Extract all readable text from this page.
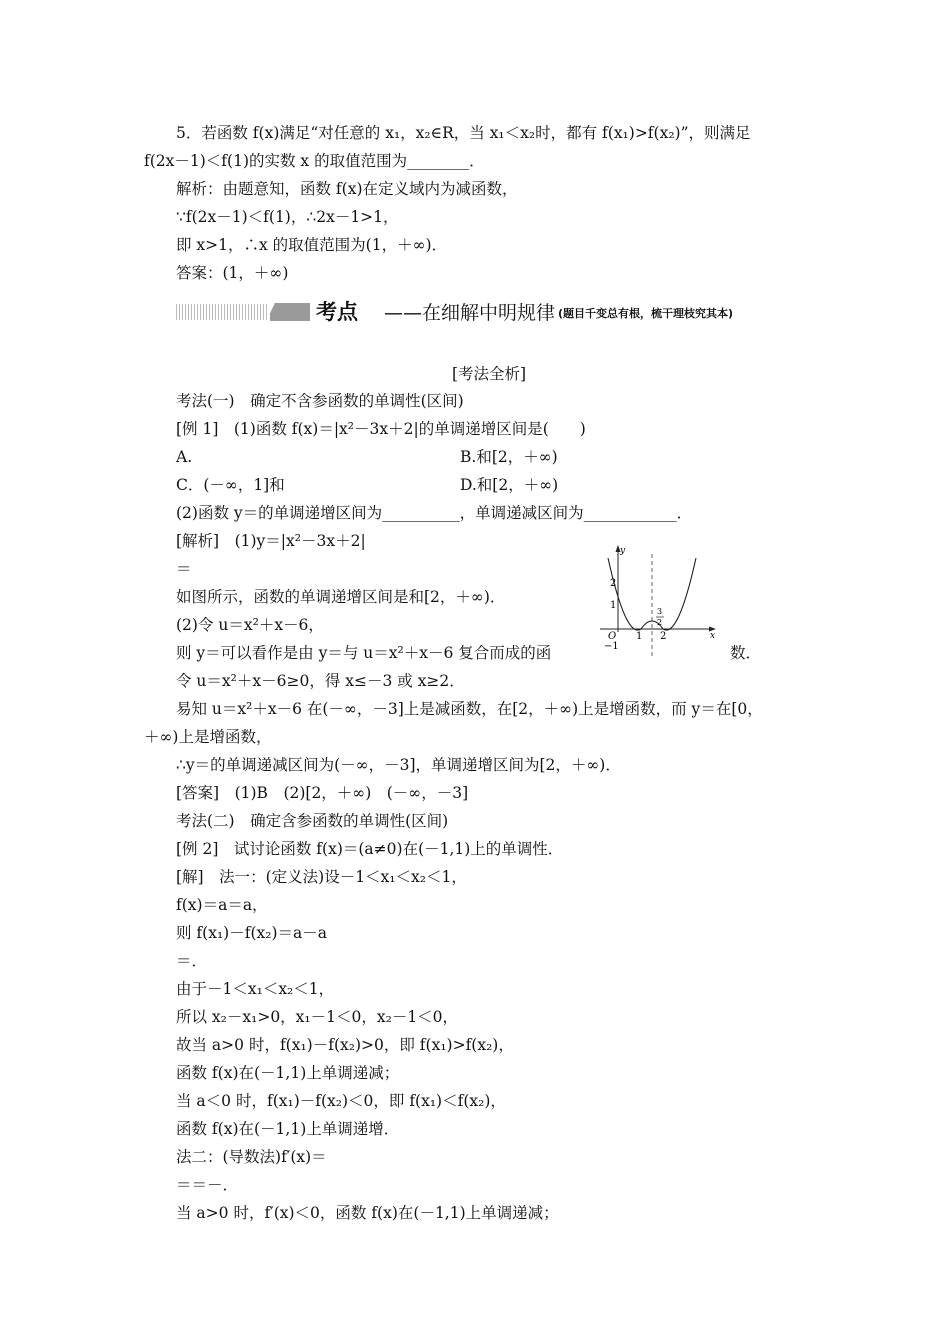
5．若函数 f(x)满足“对任意的 x₁，x₂∈R，当 x₁＜x₂时，都有 f(x₁)>f(x₂)”，则满足
f(2x－1)＜f(1)的实数 x 的取值范围为________．
解析：由题意知，函数 f(x)在定义域内为减函数，
∵f(2x－1)＜f(1)，∴2x－1>1，
即 x>1，∴x 的取值范围为(1，＋∞)．
答案：(1，＋∞)
考点 ——在细解中明规律 (题目千变总有根，梳干理枝究其本)
[考法全析]
考法(一)　确定不含参函数的单调性(区间)
[例 1]　(1)函数 f(x)＝|x²－3x＋2|的单调递增区间是(　　)
A.	B.和[2，＋∞)
C．(－∞，1]和	D.和[2，＋∞)
(2)函数 y＝的单调递增区间为__________，单调递减区间为____________．
[解析]　(1)y＝|x²－3x＋2|
＝
如图所示，函数的单调递增区间是和[2，＋∞)．
(2)令 u＝x²＋x－6，
则 y＝可以看作是由 y＝与 u＝x²＋x－6 复合而成的函	数．
令 u＝x²＋x－6≥0，得 x≤－3 或 x≥2．
易知 u＝x²＋x－6 在(－∞，－3]上是减函数，在[2，＋∞)上是增函数，而 y＝在[0，
＋∞)上是增函数，
∴y＝的单调递减区间为(－∞，－3]，单调递增区间为[2，＋∞)．
[答案]　(1)B　(2)[2，＋∞)　(－∞，－3]
考法(二)　确定含参函数的单调性(区间)
[例 2]　试讨论函数 f(x)＝(a≠0)在(－1,1)上的单调性．
[解]　法一：(定义法)设－1＜x₁＜x₂＜1，
f(x)＝a＝a，
则 f(x₁)－f(x₂)＝a－a
＝．
由于－1＜x₁＜x₂＜1，
所以 x₂－x₁>0，x₁－1＜0，x₂－1＜0，
故当 a>0 时，f(x₁)－f(x₂)>0，即 f(x₁)>f(x₂)，
函数 f(x)在(－1,1)上单调递减；
当 a＜0 时，f(x₁)－f(x₂)＜0，即 f(x₁)＜f(x₂)，
函数 f(x)在(－1,1)上单调递增．
法二：(导数法)f′(x)＝
＝＝－．
当 a>0 时，f′(x)＜0，函数 f(x)在(－1,1)上单调递减；
y
x
O
2
1
−1
1 2
3
2
